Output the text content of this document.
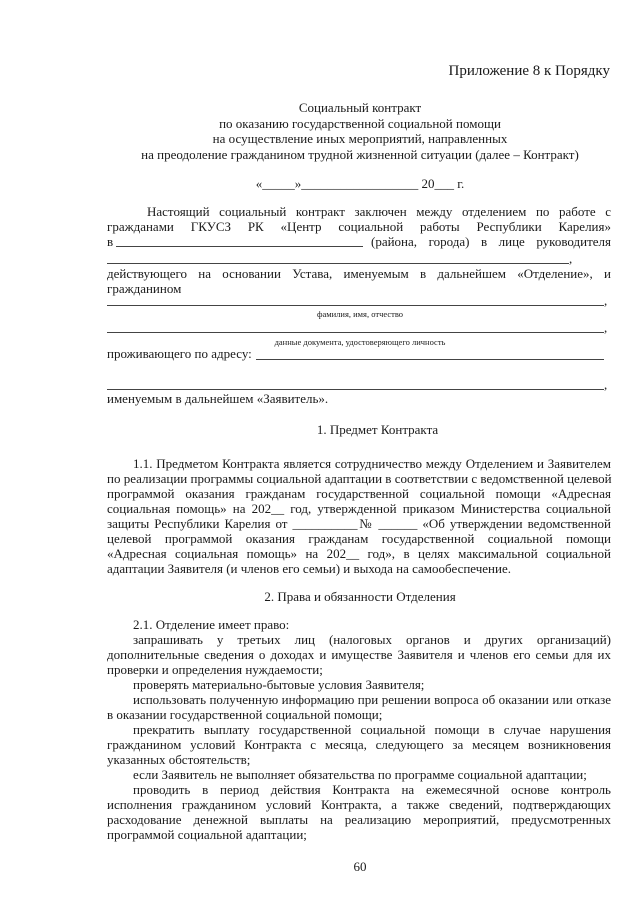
Приложение 8 к Порядку
Социальный контракт
по оказанию государственной социальной помощи
на осуществление иных мероприятий, направленных
на преодоление гражданином трудной жизненной ситуации (далее – Контракт)
«_____»__________________ 20___ г.
Настоящий социальный контракт заключен между отделением по работе с
гражданами ГКУСЗ РК «Центр социальной работы Республики Карелия»
в	(района, города) в лице руководителя
,
действующего на основании Устава, именуемым в дальнейшем «Отделение», и
гражданином
,
фамилия, имя, отчество
,
данные документа, удостоверяющего личность
проживающего по адресу:
,
именуемым в дальнейшем «Заявитель».
1. Предмет Контракта
1.1. Предметом Контракта является сотрудничество между Отделением и Заявителем
по реализации программы социальной адаптации в соответствии с ведомственной целевой
программой оказания гражданам государственной социальной помощи «Адресная
социальная помощь» на 202__ год, утвержденной приказом Министерства социальной
защиты Республики Карелия от __________№ ______ «Об утверждении ведомственной
целевой программой оказания гражданам государственной социальной помощи
«Адресная социальная помощь» на 202__ год», в целях максимальной социальной
адаптации Заявителя (и членов его семьи) и выхода на самообеспечение.
2. Права и обязанности Отделения
2.1. Отделение имеет право:
запрашивать у третьих лиц (налоговых органов и других организаций)
дополнительные сведения о доходах и имуществе Заявителя и членов его семьи для их
проверки и определения нуждаемости;
проверять материально-бытовые условия Заявителя;
использовать полученную информацию при решении вопроса об оказании или отказе
в оказании государственной социальной помощи;
прекратить выплату государственной социальной помощи в случае нарушения
гражданином условий Контракта с месяца, следующего за месяцем возникновения
указанных обстоятельств;
если Заявитель не выполняет обязательства по программе социальной адаптации;
проводить в период действия Контракта на ежемесячной основе контроль
исполнения гражданином условий Контракта, а также сведений, подтверждающих
расходование денежной выплаты на реализацию мероприятий, предусмотренных
программой социальной адаптации;
60
